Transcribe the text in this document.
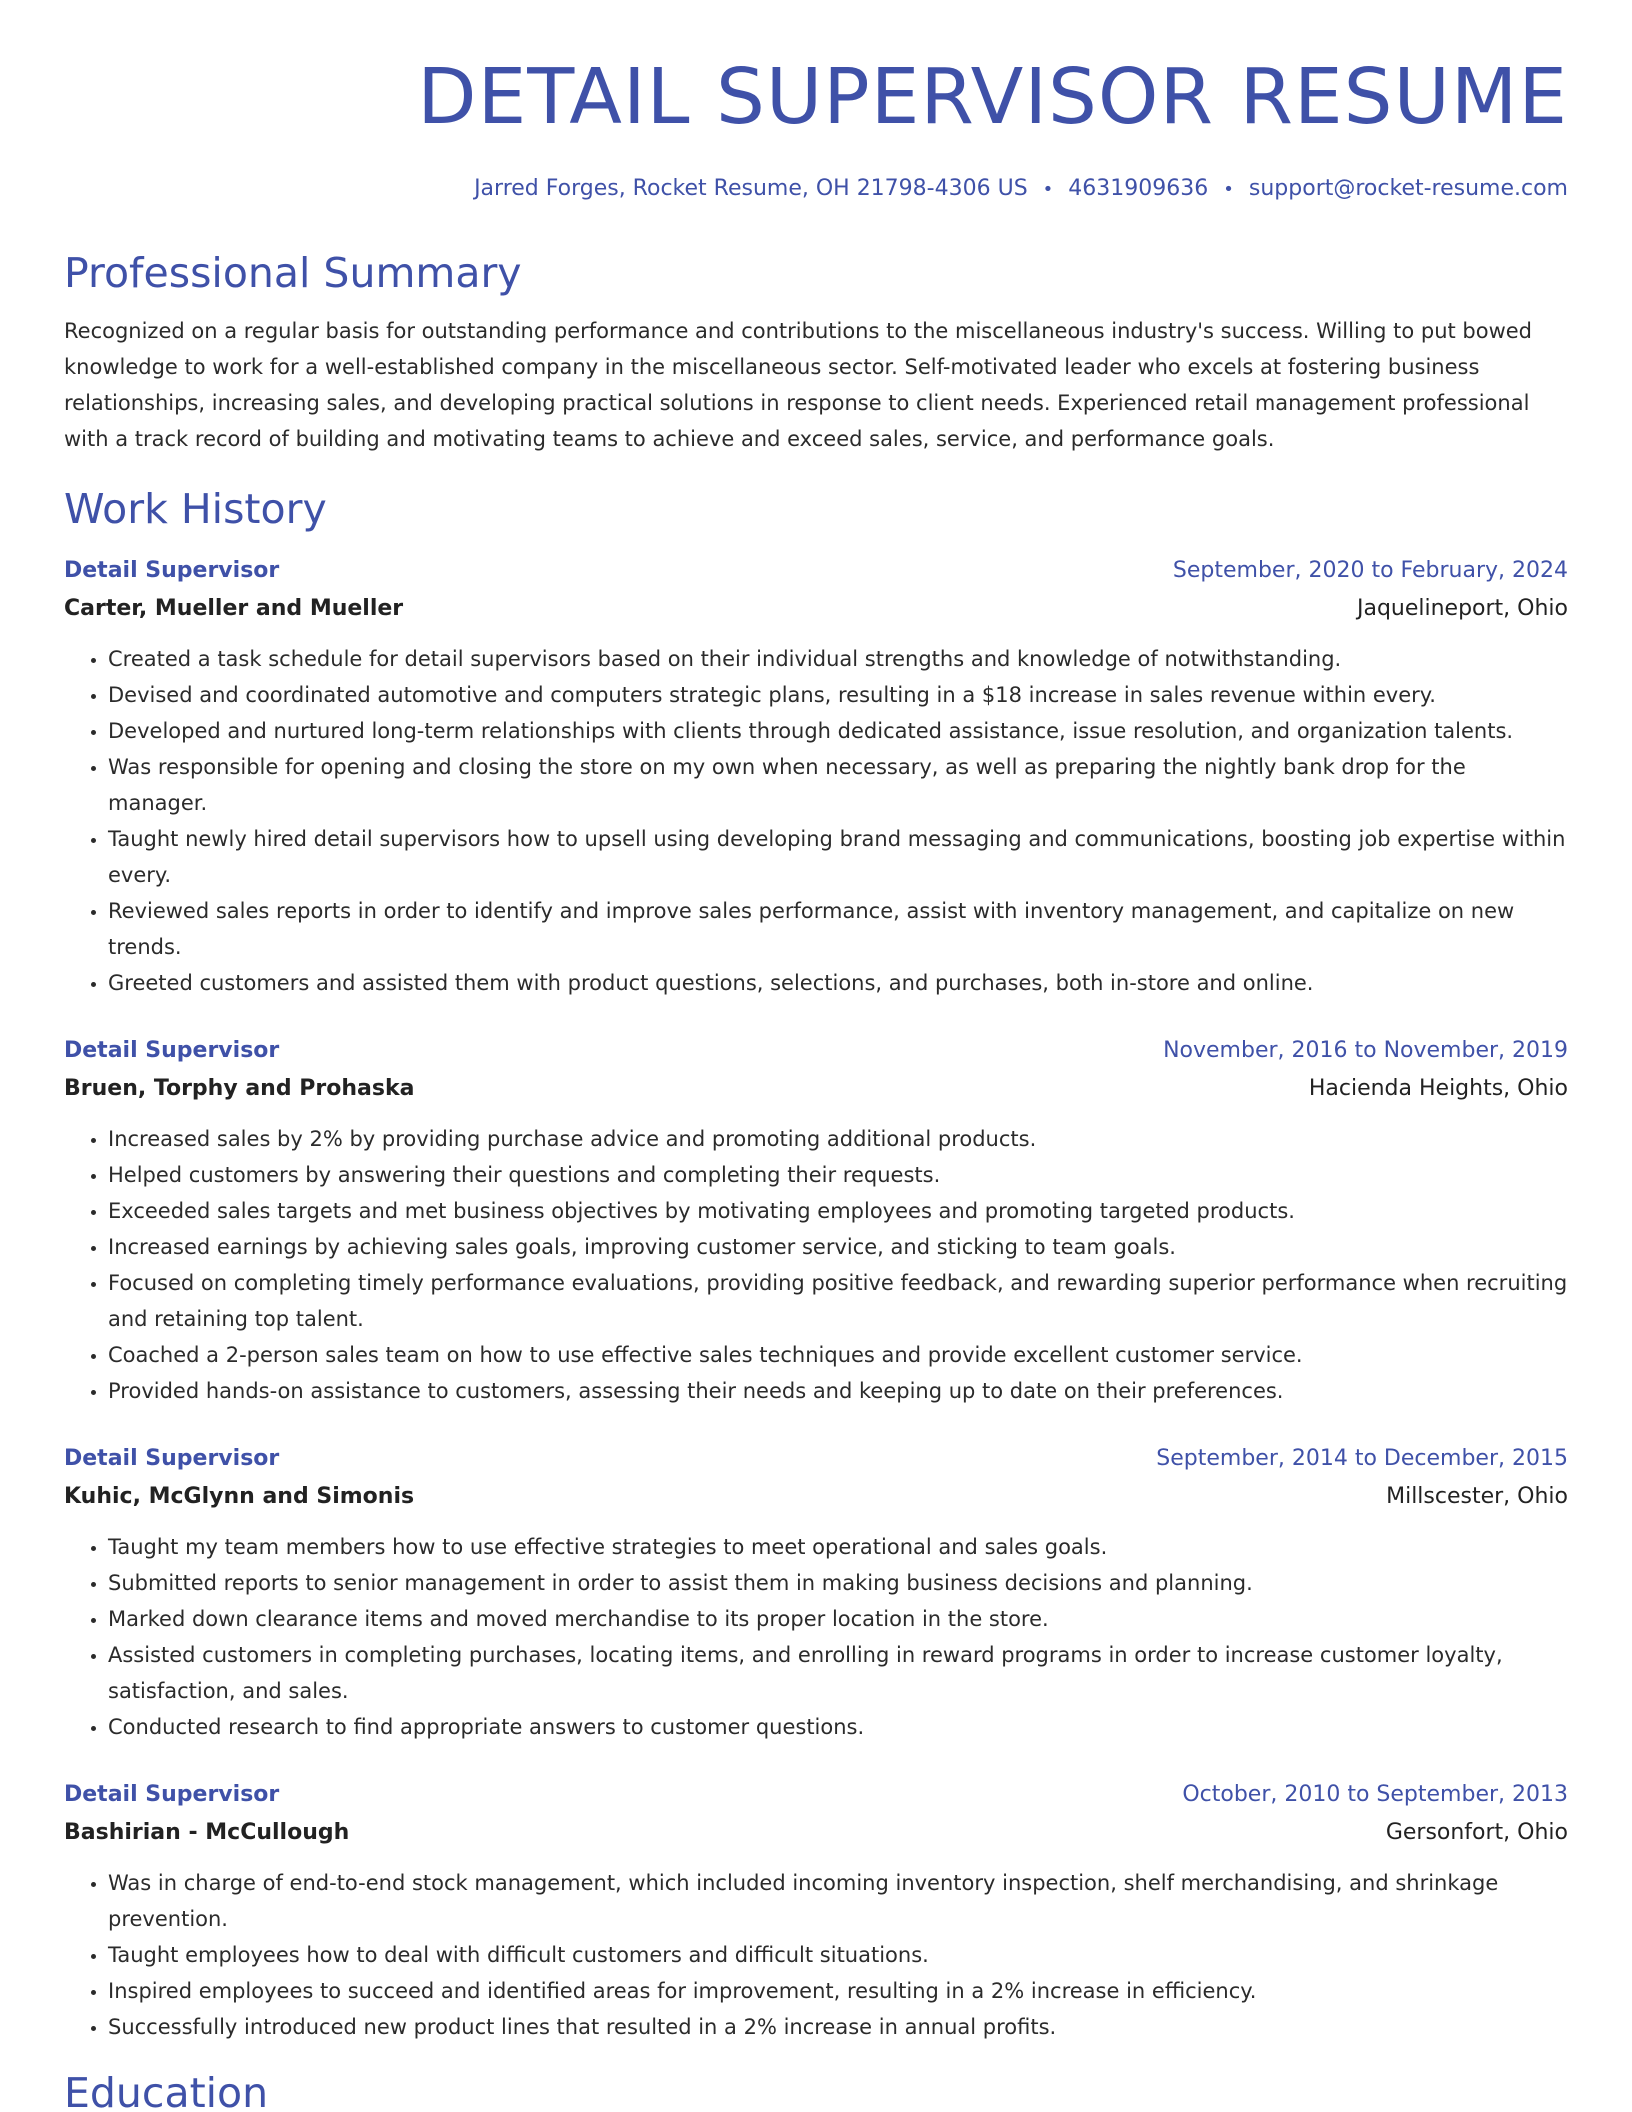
DETAIL SUPERVISOR RESUME
Jarred Forges, Rocket Resume, OH 21798-4306 US • 4631909636 • support@rocket-resume.com
Professional Summary
Recognized on a regular basis for outstanding performance and contributions to the miscellaneous industry's success. Willing to put bowed knowledge to work for a well-established company in the miscellaneous sector. Self-motivated leader who excels at fostering business relationships, increasing sales, and developing practical solutions in response to client needs. Experienced retail management professional with a track record of building and motivating teams to achieve and exceed sales, service, and performance goals.
Work History
Detail Supervisor	September, 2020 to February, 2024
Carter, Mueller and Mueller	Jaquelineport, Ohio
• Created a task schedule for detail supervisors based on their individual strengths and knowledge of notwithstanding.
• Devised and coordinated automotive and computers strategic plans, resulting in a $18 increase in sales revenue within every.
• Developed and nurtured long-term relationships with clients through dedicated assistance, issue resolution, and organization talents.
• Was responsible for opening and closing the store on my own when necessary, as well as preparing the nightly bank drop for the manager.
• Taught newly hired detail supervisors how to upsell using developing brand messaging and communications, boosting job expertise within every.
• Reviewed sales reports in order to identify and improve sales performance, assist with inventory management, and capitalize on new trends.
• Greeted customers and assisted them with product questions, selections, and purchases, both in-store and online.
Detail Supervisor	November, 2016 to November, 2019
Bruen, Torphy and Prohaska	Hacienda Heights, Ohio
• Increased sales by 2% by providing purchase advice and promoting additional products.
• Helped customers by answering their questions and completing their requests.
• Exceeded sales targets and met business objectives by motivating employees and promoting targeted products.
• Increased earnings by achieving sales goals, improving customer service, and sticking to team goals.
• Focused on completing timely performance evaluations, providing positive feedback, and rewarding superior performance when recruiting and retaining top talent.
• Coached a 2-person sales team on how to use effective sales techniques and provide excellent customer service.
• Provided hands-on assistance to customers, assessing their needs and keeping up to date on their preferences.
Detail Supervisor	September, 2014 to December, 2015
Kuhic, McGlynn and Simonis	Millscester, Ohio
• Taught my team members how to use effective strategies to meet operational and sales goals.
• Submitted reports to senior management in order to assist them in making business decisions and planning.
• Marked down clearance items and moved merchandise to its proper location in the store.
• Assisted customers in completing purchases, locating items, and enrolling in reward programs in order to increase customer loyalty, satisfaction, and sales.
• Conducted research to find appropriate answers to customer questions.
Detail Supervisor	October, 2010 to September, 2013
Bashirian - McCullough	Gersonfort, Ohio
• Was in charge of end-to-end stock management, which included incoming inventory inspection, shelf merchandising, and shrinkage prevention.
• Taught employees how to deal with difficult customers and difficult situations.
• Inspired employees to succeed and identified areas for improvement, resulting in a 2% increase in efficiency.
• Successfully introduced new product lines that resulted in a 2% increase in annual profits.
Education
